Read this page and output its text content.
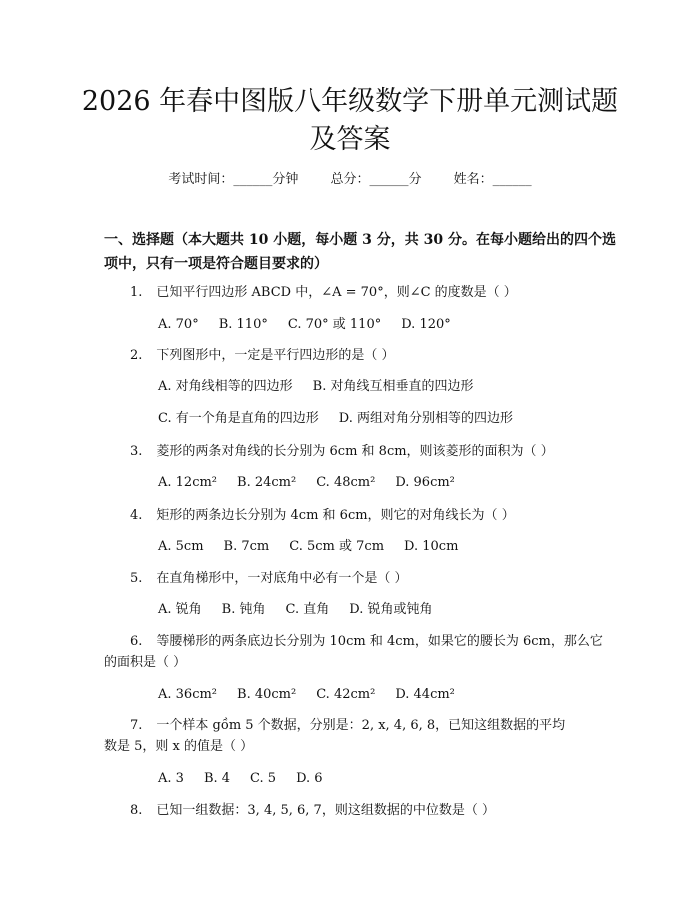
2026 年春中图版八年级数学下册单元测试题
及答案
考试时间：______分钟 总分：______分 姓名：______

一、选择题（本大题共 10 小题，每小题 3 分，共 30 分。在每小题给出的四个选
项中，只有一项是符合题目要求的）

1. 已知平行四边形 ABCD 中，∠A = 70°，则∠C 的度数是（ ）
A. 70° B. 110° C. 70° 或 110° D. 120°
2. 下列图形中，一定是平行四边形的是（ ）
A. 对角线相等的四边形 B. 对角线互相垂直的四边形
C. 有一个角是直角的四边形 D. 两组对角分别相等的四边形
3. 菱形的两条对角线的长分别为 6cm 和 8cm，则该菱形的面积为（ ）
A. 12cm² B. 24cm² C. 48cm² D. 96cm²
4. 矩形的两条边长分别为 4cm 和 6cm，则它的对角线长为（ ）
A. 5cm B. 7cm C. 5cm 或 7cm D. 10cm
5. 在直角梯形中，一对底角中必有一个是（ ）
A. 锐角 B. 钝角 C. 直角 D. 锐角或钝角
6. 等腰梯形的两条底边长分别为 10cm 和 4cm，如果它的腰长为 6cm，那么它
的面积是（ ）
A. 36cm² B. 40cm² C. 42cm² D. 44cm²
7. 一个样本 gồm 5 个数据，分别是：2, x, 4, 6, 8，已知这组数据的平均
数是 5，则 x 的值是（ ）
A. 3 B. 4 C. 5 D. 6
8. 已知一组数据：3, 4, 5, 6, 7，则这组数据的中位数是（ ）
